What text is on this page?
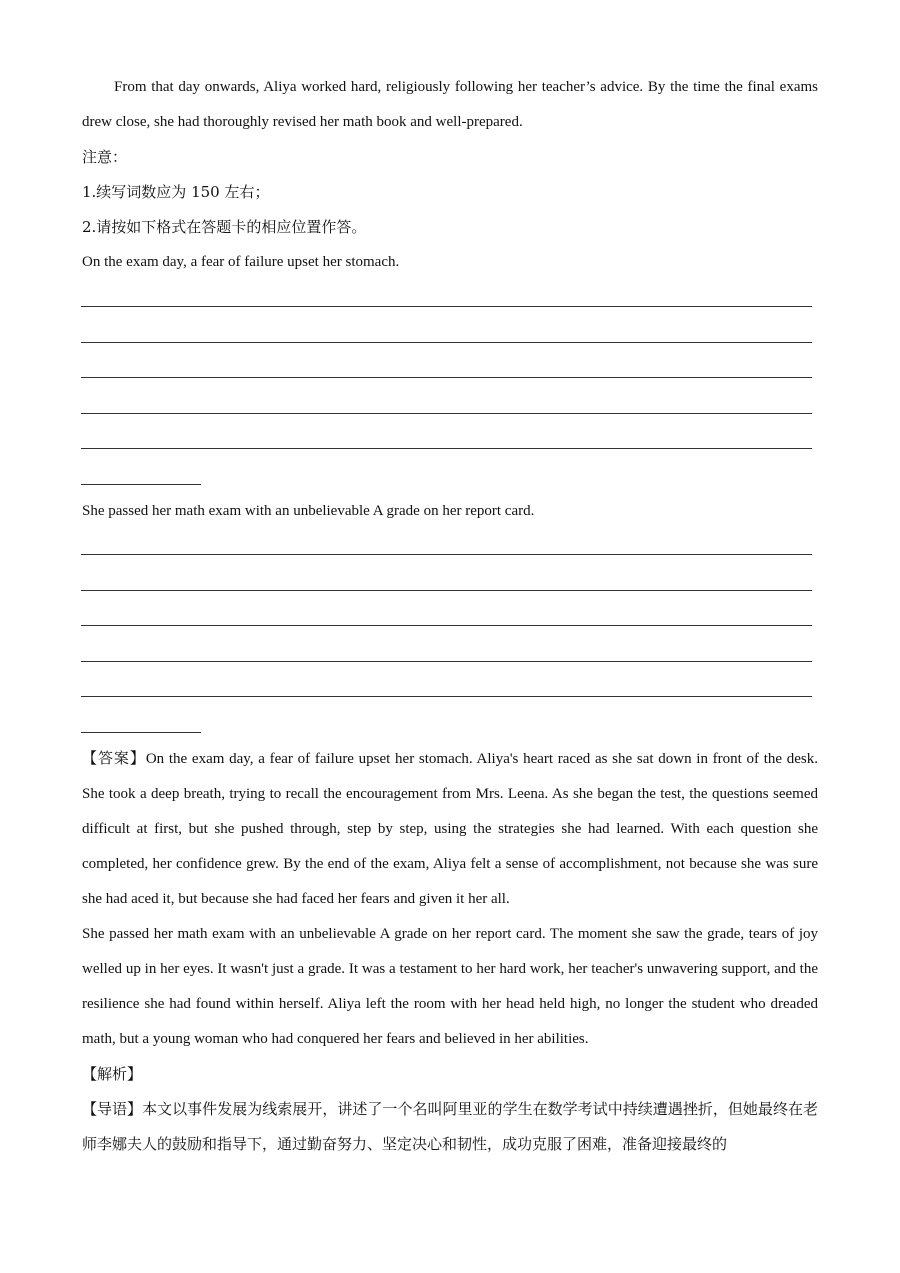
From that day onwards, Aliya worked hard, religiously following her teacher’s advice. By the time the final exams drew close, she had thoroughly revised her math book and well-prepared.

注意：

1.续写词数应为 150 左右；

2.请按如下格式在答题卡的相应位置作答。

On the exam day, a fear of failure upset her stomach.

She passed her math exam with an unbelievable A grade on her report card.

【答案】On the exam day, a fear of failure upset her stomach. Aliya's heart raced as she sat down in front of the desk. She took a deep breath, trying to recall the encouragement from Mrs. Leena. As she began the test, the questions seemed difficult at first, but she pushed through, step by step, using the strategies she had learned. With each question she completed, her confidence grew. By the end of the exam, Aliya felt a sense of accomplishment, not because she was sure she had aced it, but because she had faced her fears and given it her all.

She passed her math exam with an unbelievable A grade on her report card. The moment she saw the grade, tears of joy welled up in her eyes. It wasn't just a grade. It was a testament to her hard work, her teacher's unwavering support, and the resilience she had found within herself. Aliya left the room with her head held high, no longer the student who dreaded math, but a young woman who had conquered her fears and believed in her abilities.

【解析】

【导语】本文以事件发展为线索展开，讲述了一个名叫阿里亚的学生在数学考试中持续遭遇挫折，但她最终在老师李娜夫人的鼓励和指导下，通过勤奋努力、坚定决心和韧性，成功克服了困难，准备迎接最终的
